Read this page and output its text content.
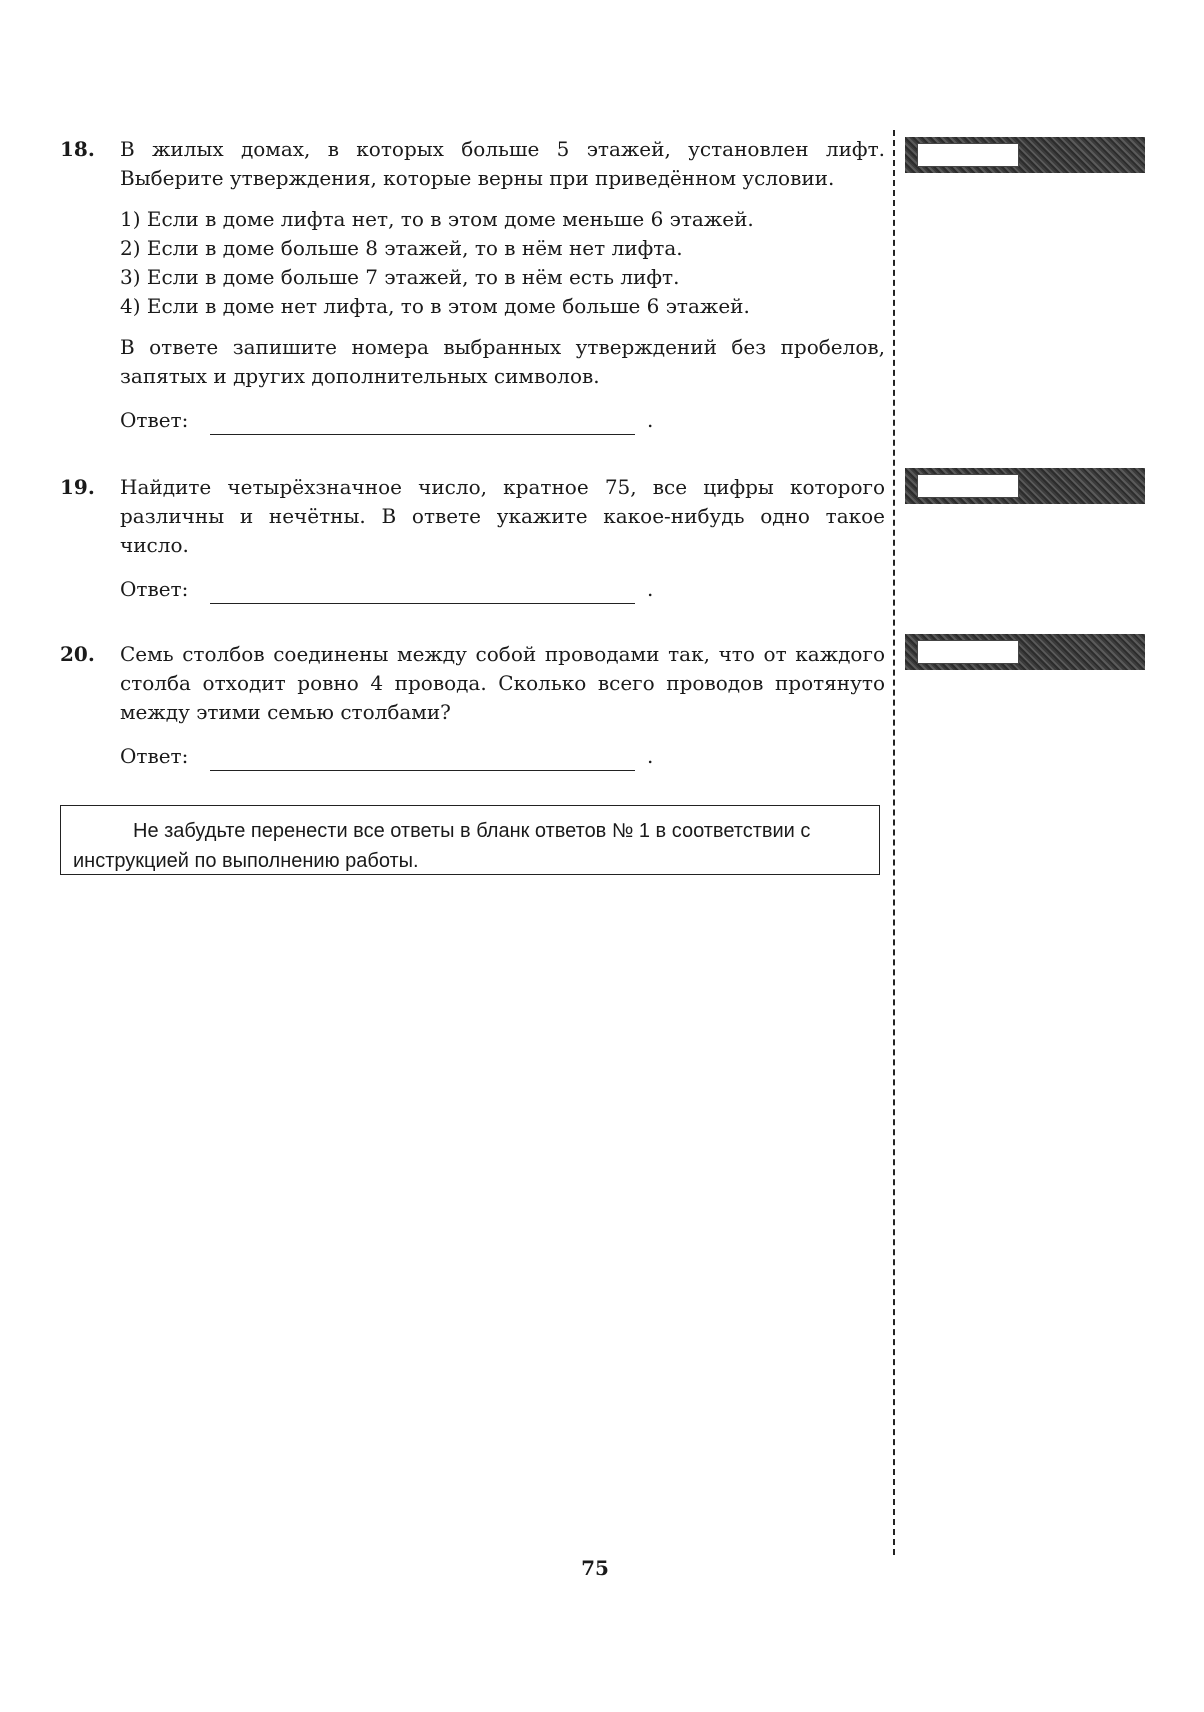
18.	В жилых домах, в которых больше 5 этажей, установлен лифт. Выберите утверждения, которые верны при приведённом условии.

1) Если в доме лифта нет, то в этом доме меньше 6 этажей.
2) Если в доме больше 8 этажей, то в нём нет лифта.
3) Если в доме больше 7 этажей, то в нём есть лифт.
4) Если в доме нет лифта, то в этом доме больше 6 этажей.

В ответе запишите номера выбранных утверждений без пробелов, запятых и других дополнительных символов.

Ответ:	.
19.	Найдите четырёхзначное число, кратное 75, все цифры которого различны и нечётны. В ответе укажите какое-нибудь одно такое число.

Ответ:	.
20.	Семь столбов соединены между собой проводами так, что от каждого столба отходит ровно 4 провода. Сколько всего проводов протянуто между этими семью столбами?

Ответ:	.
Не забудьте перенести все ответы в бланк ответов № 1 в соответствии с инструкцией по выполнению работы.
75
